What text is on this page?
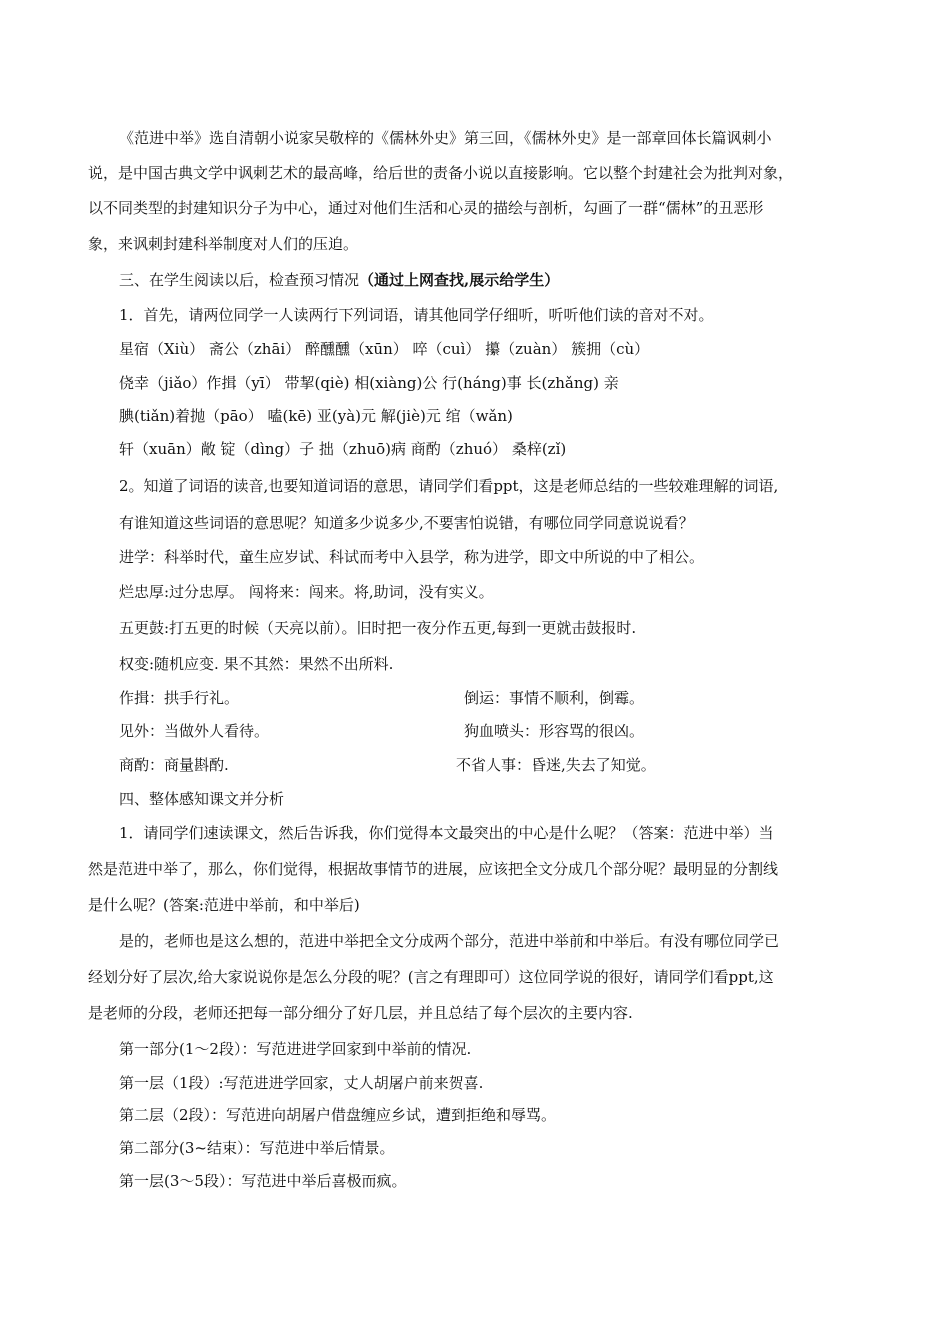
《范进中举》选自清朝小说家吴敬梓的《儒林外史》第三回，《儒林外史》是一部章回体长篇讽刺小
说，是中国古典文学中讽刺艺术的最高峰，给后世的责备小说以直接影响。它以整个封建社会为批判对象，
以不同类型的封建知识分子为中心，通过对他们生活和心灵的描绘与剖析，勾画了一群“儒林”的丑恶形
象，来讽刺封建科举制度对人们的压迫。
三、在学生阅读以后，检查预习情况（通过上网查找,展示给学生）
1．首先，请两位同学一人读两行下列词语，请其他同学仔细听，听听他们读的音对不对。
星宿（Xiù） 斋公（zhāi） 醉醺醺（xūn） 啐（cuì） 攥（zuàn） 簇拥（cù）
侥幸（jiǎo）作揖（yī） 带挈(qiè) 相(xiàng)公 行(háng)事 长(zhǎng) 亲
腆(tiǎn)着抛（pāo） 嗑(kē) 亚(yà)元 解(jiè)元 绾（wǎn)
轩（xuān）敞 锭（dìng）子 拙（zhuō)病 商酌（zhuó） 桑梓(zǐ)
2。知道了词语的读音,也要知道词语的意思，请同学们看ppt，这是老师总结的一些较难理解的词语,
有谁知道这些词语的意思呢？知道多少说多少,不要害怕说错，有哪位同学同意说说看？
进学：科举时代，童生应岁试、科试而考中入县学，称为进学，即文中所说的中了相公。
烂忠厚:过分忠厚。 闯将来：闯来。将,助词，没有实义。
五更鼓:打五更的时候（天亮以前）。旧时把一夜分作五更,每到一更就击鼓报时.
权变:随机应变. 果不其然：果然不出所料.
作揖：拱手行礼。	倒运：事情不顺利，倒霉。
见外：当做外人看待。	狗血喷头：形容骂的很凶。
商酌：商量斟酌.	不省人事：昏迷,失去了知觉。
四、整体感知课文并分析
1．请同学们速读课文，然后告诉我，你们觉得本文最突出的中心是什么呢？（答案：范进中举）当
然是范进中举了，那么，你们觉得，根据故事情节的进展，应该把全文分成几个部分呢？最明显的分割线
是什么呢？(答案:范进中举前，和中举后)
是的，老师也是这么想的，范进中举把全文分成两个部分，范进中举前和中举后。有没有哪位同学已
经划分好了层次,给大家说说你是怎么分段的呢？(言之有理即可）这位同学说的很好，请同学们看ppt,这
是老师的分段，老师还把每一部分细分了好几层，并且总结了每个层次的主要内容.
第一部分(1～2段）：写范进进学回家到中举前的情况.
第一层（1段）:写范进进学回家，丈人胡屠户前来贺喜.
第二层（2段）：写范进向胡屠户借盘缠应乡试，遭到拒绝和辱骂。
第二部分(3~结束）：写范进中举后情景。
第一层(3～5段）：写范进中举后喜极而疯。
